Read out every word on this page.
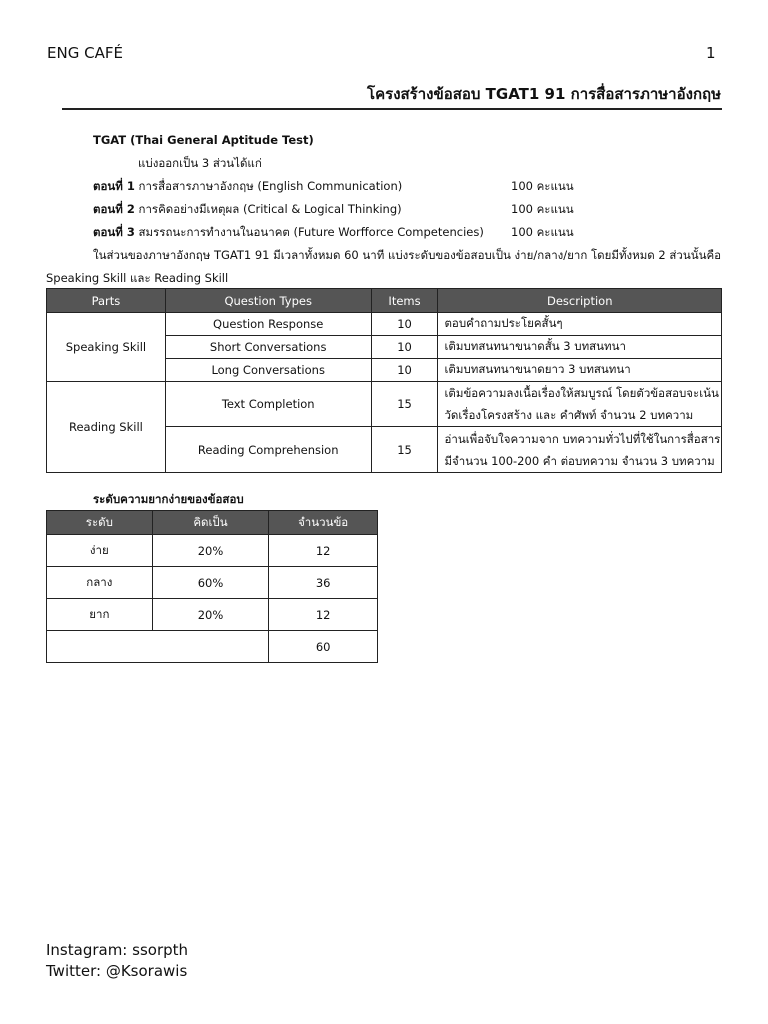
ENG CAFÉ	1
โครงสร้างข้อสอบ TGAT1 91 การสื่อสารภาษาอังกฤษ
TGAT (Thai General Aptitude Test)
แบ่งออกเป็น 3 ส่วนได้แก่
ตอนที่ 1 การสื่อสารภาษาอังกฤษ (English Communication)	100 คะแนน
ตอนที่ 2 การคิดอย่างมีเหตุผล (Critical & Logical Thinking)	100 คะแนน
ตอนที่ 3 สมรรถนะการทำงานในอนาคต (Future Worfforce Competencies) 100 คะแนน
ในส่วนของภาษาอังกฤษ TGAT1 91 มีเวลาทั้งหมด 60 นาที แบ่งระดับของข้อสอบเป็น ง่าย/กลาง/ยาก โดยมีทั้งหมด 2 ส่วนนั้นคือ
Speaking Skill และ Reading Skill
Parts	Question Types	Items	Description
Speaking Skill	Question Response	10	ตอบคำถามประโยคสั้นๆ
	Short Conversations	10	เติมบทสนทนาขนาดสั้น 3 บทสนทนา
	Long Conversations	10	เติมบทสนทนาขนาดยาว 3 บทสนทนา
Reading Skill	Text Completion	15	เติมข้อความลงเนื้อเรื่องให้สมบูรณ์ โดยตัวข้อสอบจะเน้น
วัดเรื่องโครงสร้าง และ คำศัพท์ จำนวน 2 บทความ

	Reading Comprehension	15	อ่านเพื่อจับใจความจาก บทความทั่วไปที่ใช้ในการสื่อสาร
มีจำนวน 100-200 คำ ต่อบทความ จำนวน 3 บทความ
ระดับความยากง่ายของข้อสอบ
ระดับ	คิดเป็น	จำนวนข้อ
ง่าย	20%	12
กลาง	60%	36
ยาก	20%	12
		60
Instagram: ssorpth
Twitter: @Ksorawis
